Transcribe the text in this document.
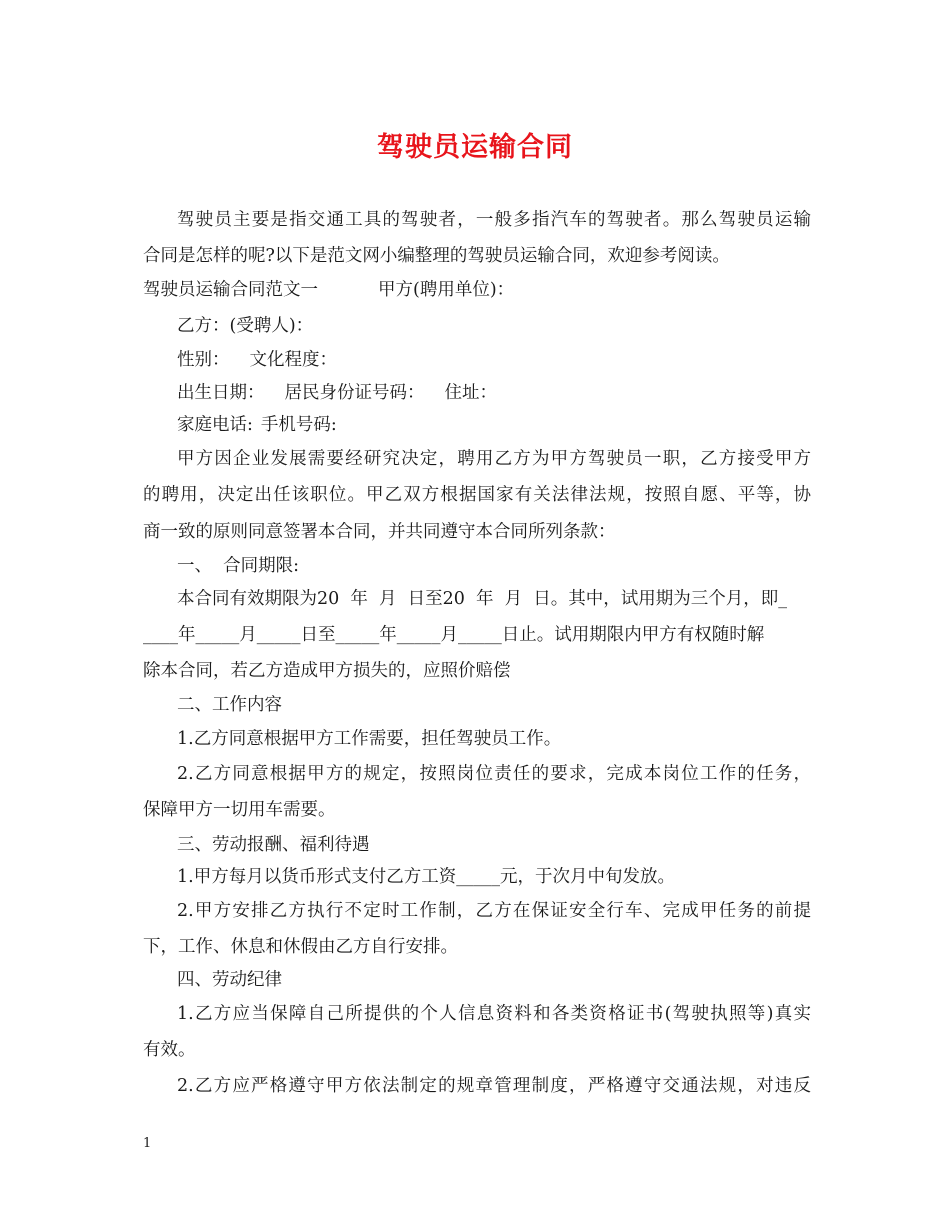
驾驶员运输合同
驾驶员主要是指交通工具的驾驶者，一般多指汽车的驾驶者。那么驾驶员运输
合同是怎样的呢?以下是范文网小编整理的驾驶员运输合同，欢迎参考阅读。
驾驶员运输合同范文一	甲方(聘用单位)：
乙方：(受聘人)：
性别： 文化程度：
出生日期： 居民身份证号码： 住址：
家庭电话: 手机号码:
甲方因企业发展需要经研究决定，聘用乙方为甲方驾驶员一职，乙方接受甲方
的聘用，决定出任该职位。甲乙双方根据国家有关法律法规，按照自愿、平等，协
商一致的原则同意签署本合同，并共同遵守本合同所列条款：
一、  合同期限:
本合同有效期限为20  年  月  日至20  年  月  日。其中，试用期为三个月，即_
____年_____月_____日至_____年_____月_____日止。试用期限内甲方有权随时解
除本合同，若乙方造成甲方损失的，应照价赔偿
二、工作内容
1.乙方同意根据甲方工作需要，担任驾驶员工作。
2.乙方同意根据甲方的规定，按照岗位责任的要求，完成本岗位工作的任务，
保障甲方一切用车需要。
三、劳动报酬、福利待遇
1.甲方每月以货币形式支付乙方工资_____元，于次月中旬发放。
2.甲方安排乙方执行不定时工作制，乙方在保证安全行车、完成甲任务的前提
下，工作、休息和休假由乙方自行安排。
四、劳动纪律
1.乙方应当保障自己所提供的个人信息资料和各类资格证书(驾驶执照等)真实
有效。
2.乙方应严格遵守甲方依法制定的规章管理制度，严格遵守交通法规，对违反
1
